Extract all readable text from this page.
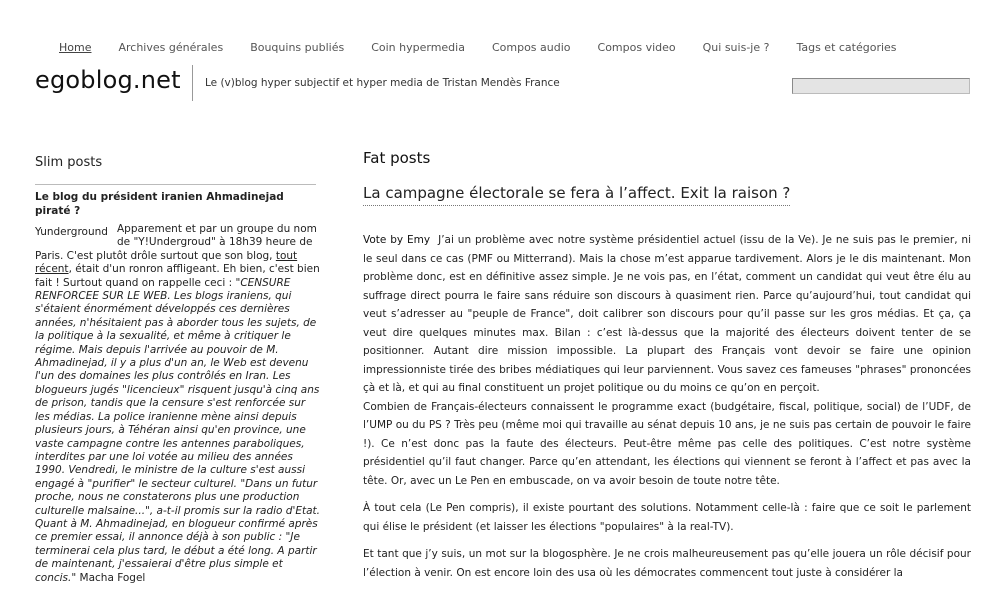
Home Archives générales Bouquins publiés Coin hypermedia Compos audio Compos video Qui suis-je ? Tags et catégories
egoblog.net Le (v)blog hyper subjectif et hyper media de Tristan Mendès France
Slim posts
Le blog du président iranien Ahmadinejad piraté ?
Yunderground Apparement et par un groupe du nom de "Y!Undergroud" à 18h39 heure de Paris. C'est plutôt drôle surtout que son blog, tout récent, était d'un ronron affligeant. Eh bien, c'est bien fait ! Surtout quand on rappelle ceci : "CENSURE RENFORCEE SUR LE WEB. Les blogs iraniens, qui s'étaient énormément développés ces dernières années, n'hésitaient pas à aborder tous les sujets, de la politique à la sexualité, et même à critiquer le régime. Mais depuis l'arrivée au pouvoir de M. Ahmadinejad, il y a plus d'un an, le Web est devenu l'un des domaines les plus contrôlés en Iran. Les blogueurs jugés "licencieux" risquent jusqu'à cinq ans de prison, tandis que la censure s'est renforcée sur les médias. La police iranienne mène ainsi depuis plusieurs jours, à Téhéran ainsi qu'en province, une vaste campagne contre les antennes paraboliques, interdites par une loi votée au milieu des années 1990. Vendredi, le ministre de la culture s'est aussi engagé à "purifier" le secteur culturel. "Dans un futur proche, nous ne constaterons plus une production culturelle malsaine...", a-t-il promis sur la radio d'Etat. Quant à M. Ahmadinejad, en blogueur confirmé après ce premier essai, il annonce déjà à son public : "Je terminerai cela plus tard, le début a été long. A partir de maintenant, j'essaierai d'être plus simple et concis." Macha Fogel
Fat posts
La campagne électorale se fera à l’affect. Exit la raison ?

Vote by Emy J’ai un problème avec notre système présidentiel actuel (issu de la Ve). Je ne suis pas le premier, ni le seul dans ce cas (PMF ou Mitterrand). Mais la chose m’est apparue tardivement. Alors je le dis maintenant. Mon problème donc, est en définitive assez simple. Je ne vois pas, en l’état, comment un candidat qui veut être élu au suffrage direct pourra le faire sans réduire son discours à quasiment rien. Parce qu’aujourd’hui, tout candidat qui veut s’adresser au "peuple de France", doit calibrer son discours pour qu’il passe sur les gros médias. Et ça, ça veut dire quelques minutes max. Bilan : c’est là-dessus que la majorité des électeurs doivent tenter de se positionner. Autant dire mission impossible. La plupart des Français vont devoir se faire une opinion impressionniste tirée des bribes médiatiques qui leur parviennent. Vous savez ces fameuses "phrases" prononcées çà et là, et qui au final constituent un projet politique ou du moins ce qu’on en perçoit.
Combien de Français-électeurs connaissent le programme exact (budgétaire, fiscal, politique, social) de l’UDF, de l’UMP ou du PS ? Très peu (même moi qui travaille au sénat depuis 10 ans, je ne suis pas certain de pouvoir le faire !). Ce n’est donc pas la faute des électeurs. Peut-être même pas celle des politiques. C’est notre système présidentiel qu’il faut changer. Parce qu’en attendant, les élections qui viennent se feront à l’affect et pas avec la tête. Or, avec un Le Pen en embuscade, on va avoir besoin de toute notre tête.

À tout cela (Le Pen compris), il existe pourtant des solutions. Notamment celle-là : faire que ce soit le parlement qui élise le président (et laisser les élections "populaires" à la real-TV).

Et tant que j’y suis, un mot sur la blogosphère. Je ne crois malheureusement pas qu’elle jouera un rôle décisif pour l’élection à venir. On est encore loin des usa où les démocrates commencent tout juste à considérer la
